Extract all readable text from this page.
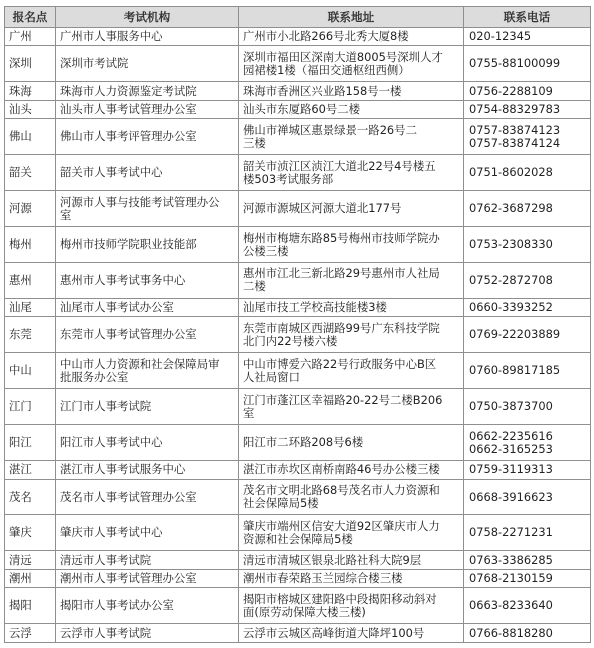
报名点	考试机构	联系地址	联系电话
广州	广州市人事服务中心	广州市小北路266号北秀大厦8楼	020-12345

深圳	深圳市考试院	深圳市福田区深南大道8005号深圳人才
园裙楼1楼（福田交通枢纽西侧）	0755-88100099

珠海	珠海市人力资源鉴定考试院	珠海市香洲区兴业路158号一楼	0756-2288109

汕头	汕头市人事考试管理办公室	汕头市东厦路60号二楼	0754-88329783

佛山	佛山市人事考评管理办公室	佛山市禅城区惠景绿景一路26号二
三楼	0757-83874123
0757-83874124

韶关	韶关市人事考试中心	韶关市浈江区浈江大道北22号4号楼五
楼503考试服务部	0751-8602028

河源	河源市人事与技能考试管理办公
室	河源市源城区河源大道北177号	0762-3687298

梅州	梅州市技师学院职业技能部	梅州市梅塘东路85号梅州市技师学院办
公楼三楼	0753-2308330

惠州	惠州市人事考试事务中心	惠州市江北三新北路29号惠州市人社局
二楼	0752-2872708

汕尾	汕尾市人事考试办公室	汕尾市技工学校高技能楼3楼	0660-3393252

东莞	东莞市人事考试管理办公室	东莞市南城区西湖路99号广东科技学院
北门内22号楼六楼	0769-22203889

中山	中山市人力资源和社会保障局审
批服务办公室	中山市博爱六路22号行政服务中心B区
人社局窗口	0760-89817185

江门	江门市人事考试院	江门市蓬江区幸福路20-22号二楼B206
室	0750-3873700

阳江	阳江市人事考试中心	阳江市二环路208号6楼	0662-2235616
0662-3165253

湛江	湛江市人事考试服务中心	湛江市赤坎区南桥南路46号办公楼三楼	0759-3119313

茂名	茂名市人事考试管理办公室	茂名市文明北路68号茂名市人力资源和
社会保障局5楼	0668-3916623

肇庆	肇庆市人事考试中心	肇庆市端州区信安大道92区肇庆市人力
资源和社会保障局5楼	0758-2271231

清远	清远市人事考试院	清远市清城区银泉北路社科大院9层	0763-3386285

潮州	潮州市人事考试管理办公室	潮州市春荣路玉兰园综合楼三楼	0768-2130159

揭阳	揭阳市人事考试办公室	揭阳市榕城区建阳路中段揭阳移动斜对
面(原劳动保障大楼三楼)	0663-8233640

云浮	云浮市人事考试院	云浮市云城区高峰街道大降坪100号	0766-8818280
